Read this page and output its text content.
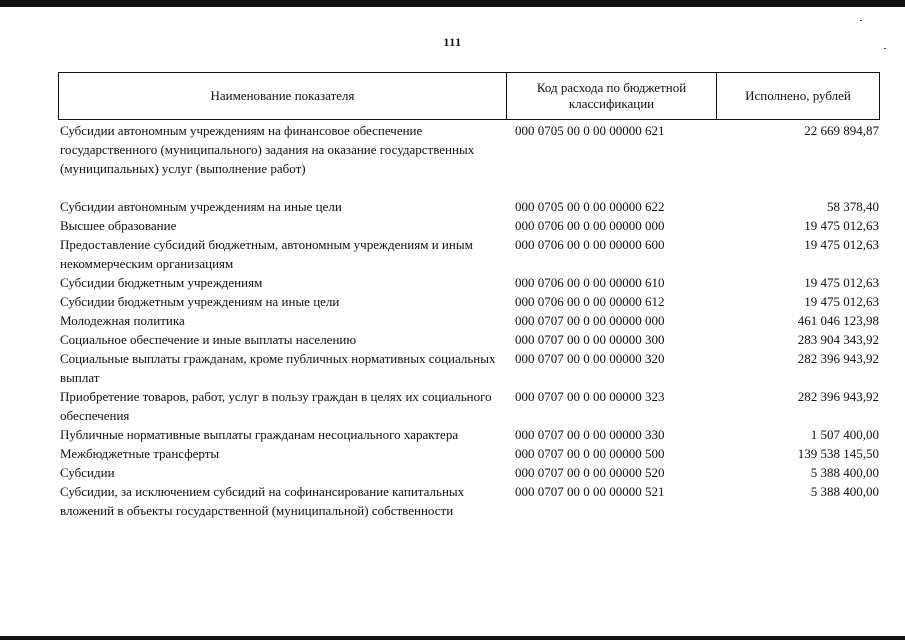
111
Наименование показателя
Код расхода по бюджетной классификации
Исполнено, рублей
Субсидии автономным учреждениям на финансовое обеспечение государственного (муниципального) задания на оказание государственных (муниципальных) услуг (выполнение работ)
000 0705 00 0 00 00000 621	22 669 894,87
Субсидии автономным учреждениям на иные цели	000 0705 00 0 00 00000 622	58 378,40
Высшее образование	000 0706 00 0 00 00000 000	19 475 012,63
Предоставление субсидий бюджетным, автономным учреждениям и иным некоммерческим организациям
000 0706 00 0 00 00000 600	19 475 012,63
Субсидии бюджетным учреждениям	000 0706 00 0 00 00000 610	19 475 012,63
Субсидии бюджетным учреждениям на иные цели	000 0706 00 0 00 00000 612	19 475 012,63
Молодежная политика	000 0707 00 0 00 00000 000	461 046 123,98
Социальное обеспечение и иные выплаты населению	000 0707 00 0 00 00000 300	283 904 343,92
Социальные выплаты гражданам, кроме публичных нормативных социальных выплат
000 0707 00 0 00 00000 320	282 396 943,92
Приобретение товаров, работ, услуг в пользу граждан в целях их социального обеспечения
000 0707 00 0 00 00000 323	282 396 943,92
Публичные нормативные выплаты гражданам несоциального характера	000 0707 00 0 00 00000 330	1 507 400,00
Межбюджетные трансферты	000 0707 00 0 00 00000 500	139 538 145,50
Субсидии	000 0707 00 0 00 00000 520	5 388 400,00
Субсидии, за исключением субсидий на софинансирование капитальных вложений в объекты государственной (муниципальной) собственности
000 0707 00 0 00 00000 521	5 388 400,00
